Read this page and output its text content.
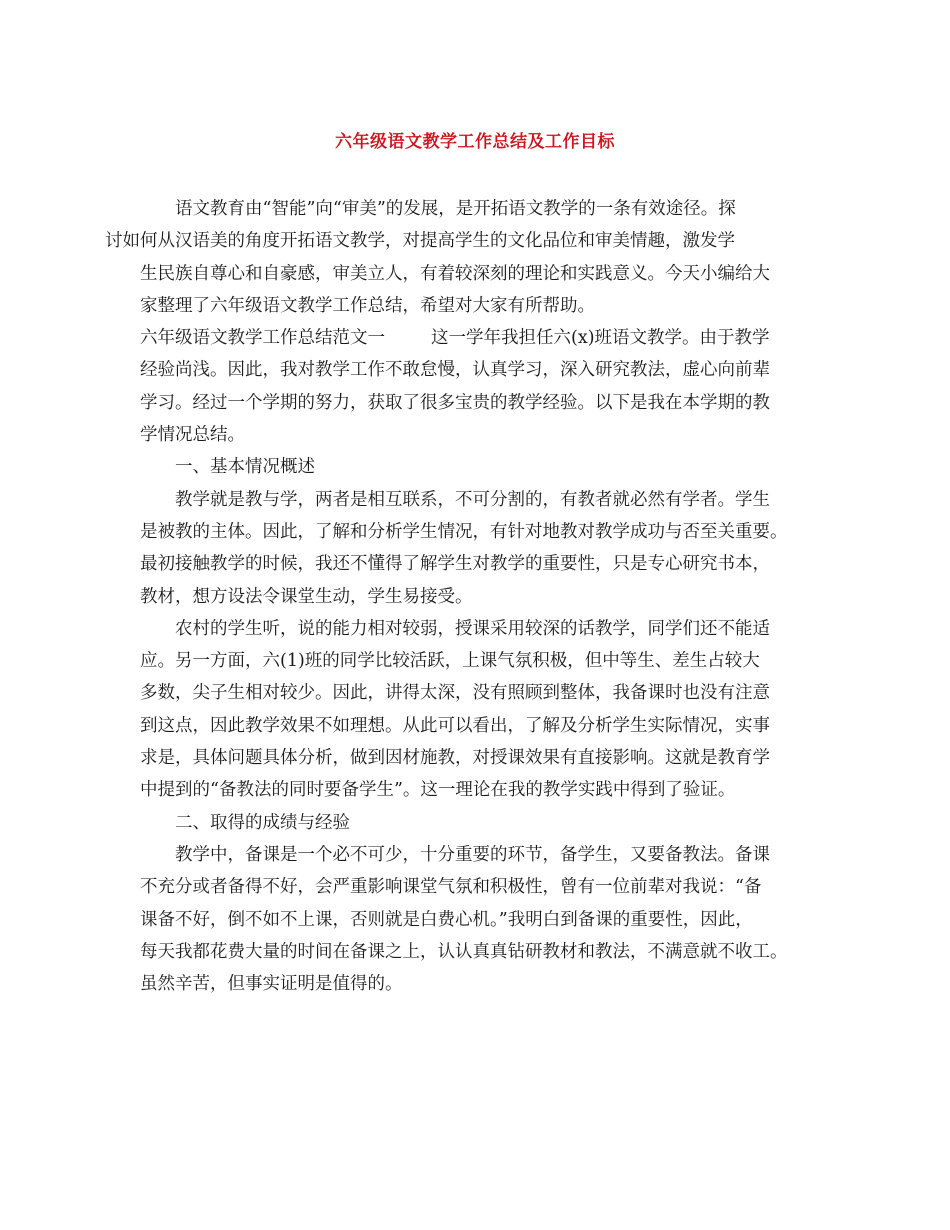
六年级语文教学工作总结及工作目标

语文教育由“智能”向“审美”的发展，是开拓语文教学的一条有效途径。探
讨如何从汉语美的角度开拓语文教学，对提高学生的文化品位和审美情趣，激发学
生民族自尊心和自豪感，审美立人，有着较深刻的理论和实践意义。今天小编给大
家整理了六年级语文教学工作总结，希望对大家有所帮助。

六年级语文教学工作总结范文一	这一学年我担任六(x)班语文教学。由于教学
经验尚浅。因此，我对教学工作不敢怠慢，认真学习，深入研究教法，虚心向前辈
学习。经过一个学期的努力，获取了很多宝贵的教学经验。以下是我在本学期的教
学情况总结。

一、基本情况概述

教学就是教与学，两者是相互联系，不可分割的，有教者就必然有学者。学生
是被教的主体。因此，了解和分析学生情况，有针对地教对教学成功与否至关重要。
最初接触教学的时候，我还不懂得了解学生对教学的重要性，只是专心研究书本，
教材，想方设法令课堂生动，学生易接受。

农村的学生听，说的能力相对较弱，授课采用较深的话教学，同学们还不能适
应。另一方面，六(1)班的同学比较活跃，上课气氛积极，但中等生、差生占较大
多数，尖子生相对较少。因此，讲得太深，没有照顾到整体，我备课时也没有注意
到这点，因此教学效果不如理想。从此可以看出，了解及分析学生实际情况，实事
求是，具体问题具体分析，做到因材施教，对授课效果有直接影响。这就是教育学
中提到的“备教法的同时要备学生”。这一理论在我的教学实践中得到了验证。

二、取得的成绩与经验

教学中，备课是一个必不可少，十分重要的环节，备学生，又要备教法。备课
不充分或者备得不好，会严重影响课堂气氛和积极性，曾有一位前辈对我说：“备
课备不好，倒不如不上课，否则就是白费心机。”我明白到备课的重要性，因此，
每天我都花费大量的时间在备课之上，认认真真钻研教材和教法，不满意就不收工。
虽然辛苦，但事实证明是值得的。
